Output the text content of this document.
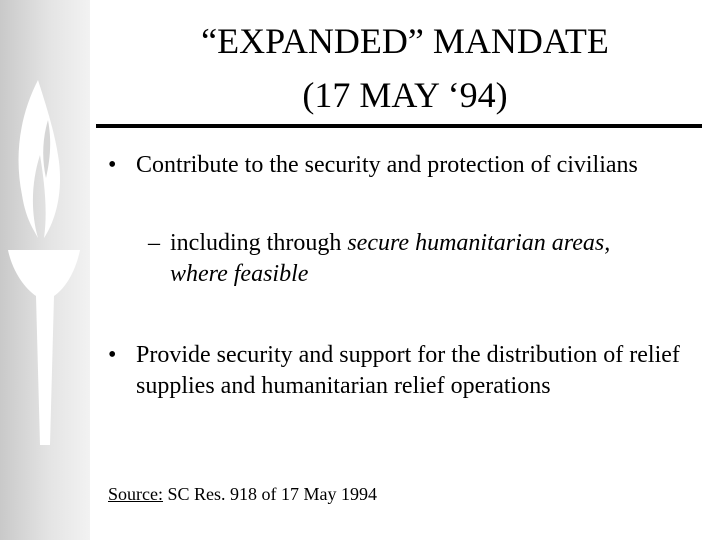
“EXPANDED” MANDATE
(17 MAY ‘94)
• Contribute to the security and protection of civilians
– including through secure humanitarian areas,
where feasible
• Provide security and support for the distribution of relief supplies and humanitarian relief operations
Source: SC Res. 918 of 17 May 1994
